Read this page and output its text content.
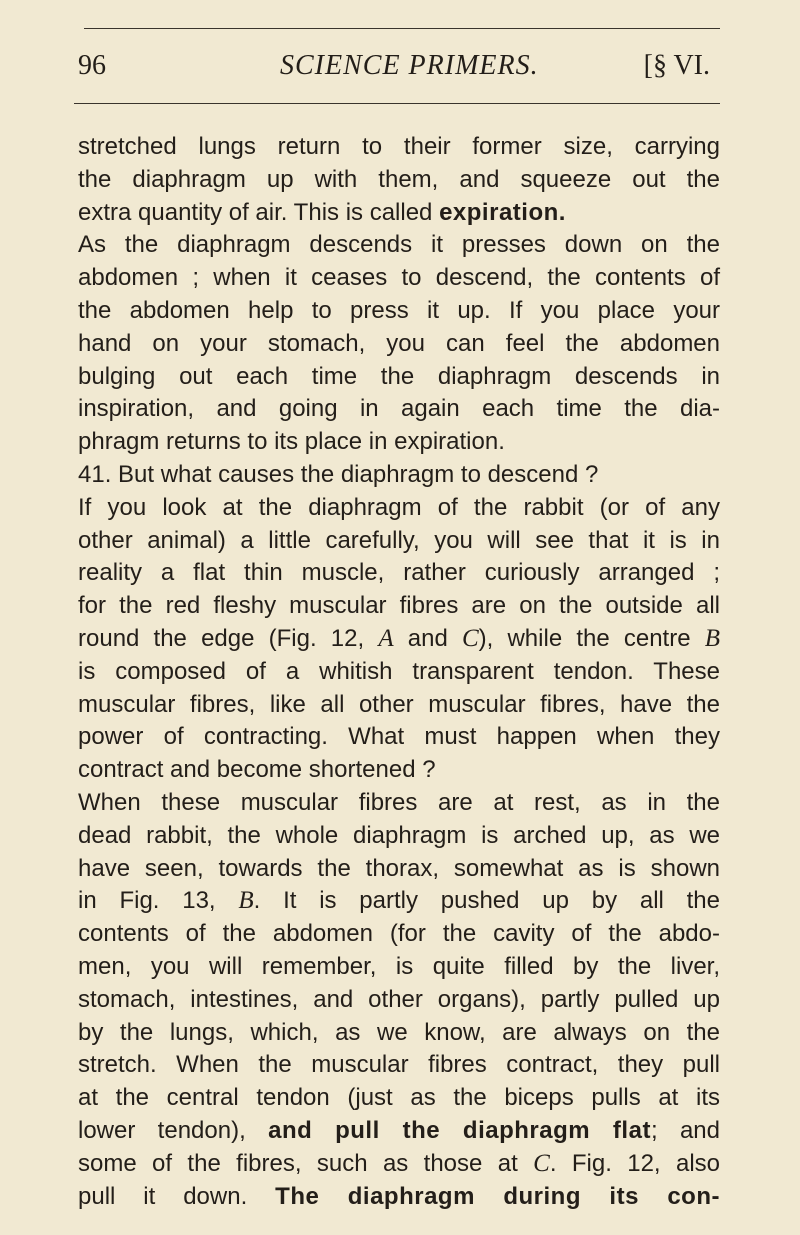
96	SCIENCE PRIMERS.	[§ VI.
stretched lungs return to their former size, carrying
the diaphragm up with them, and squeeze out the
extra quantity of air. This is called expiration.
As the diaphragm descends it presses down on the
abdomen ; when it ceases to descend, the contents of
the abdomen help to press it up. If you place your
hand on your stomach, you can feel the abdomen
bulging out each time the diaphragm descends in
inspiration, and going in again each time the dia-
phragm returns to its place in expiration.
41. But what causes the diaphragm to descend ?
If you look at the diaphragm of the rabbit (or of any
other animal) a little carefully, you will see that it is in
reality a flat thin muscle, rather curiously arranged ;
for the red fleshy muscular fibres are on the outside all
round the edge (Fig. 12, A and C), while the centre B
is composed of a whitish transparent tendon. These
muscular fibres, like all other muscular fibres, have the
power of contracting. What must happen when they
contract and become shortened ?
When these muscular fibres are at rest, as in the
dead rabbit, the whole diaphragm is arched up, as we
have seen, towards the thorax, somewhat as is shown
in Fig. 13, B. It is partly pushed up by all the
contents of the abdomen (for the cavity of the abdo-
men, you will remember, is quite filled by the liver,
stomach, intestines, and other organs), partly pulled up
by the lungs, which, as we know, are always on the
stretch. When the muscular fibres contract, they pull
at the central tendon (just as the biceps pulls at its
lower tendon), and pull the diaphragm flat; and
some of the fibres, such as those at C. Fig. 12, also
pull it down. The diaphragm during its con-
